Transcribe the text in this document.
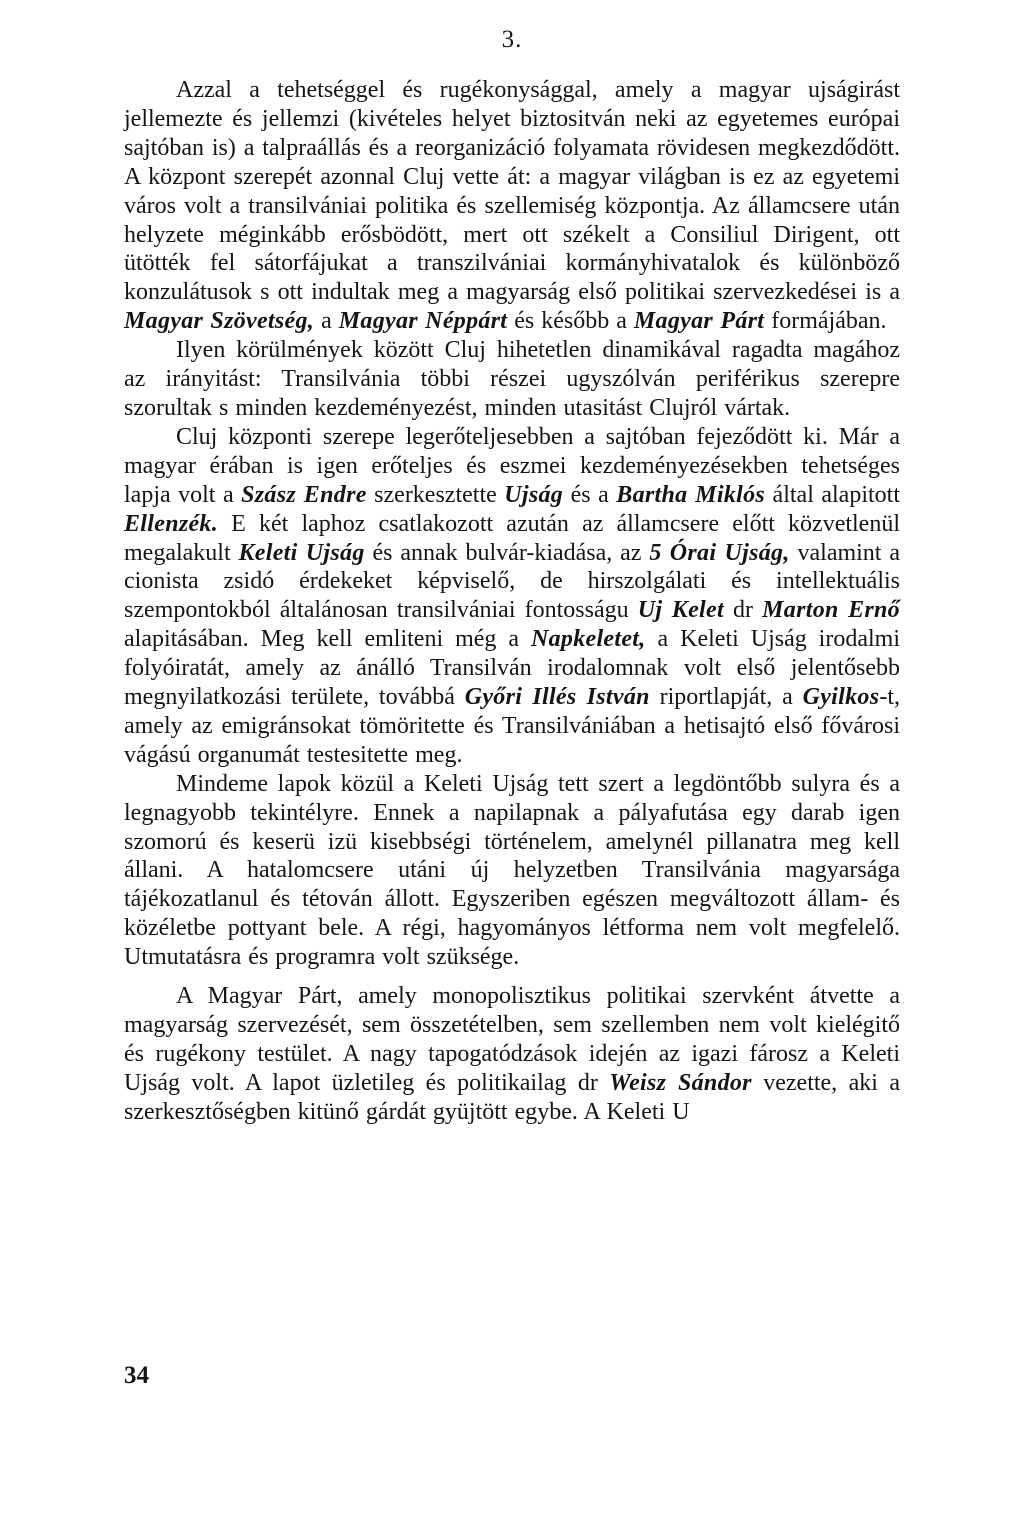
3.

Azzal a tehetséggel és rugékonysággal, amely a magyar ujságirást jellemezte és jellemzi (kivételes helyet biztositván neki az egyetemes európai sajtóban is) a talpraállás és a reorganizáció folyamata rövidesen megkezdődött. A központ szerepét azonnal Cluj vette át: a magyar világban is ez az egyetemi város volt a transilvániai politika és szellemiség központja. Az államcsere után helyzete méginkább erősbödött, mert ott székelt a Consiliul Dirigent, ott ütötték fel sátorfájukat a transzilvániai kormányhivatalok és különböző konzulátusok s ott indultak meg a magyarság első politikai szervezkedései is a Magyar Szövetség, a Magyar Néppárt és később a Magyar Párt formájában.

Ilyen körülmények között Cluj hihetetlen dinamikával ragadta magához az irányitást: Transilvánia többi részei ugyszólván periférikus szerepre szorultak s minden kezdeményezést, minden utasitást Clujról vártak.

Cluj központi szerepe legerőteljesebben a sajtóban fejeződött ki. Már a magyar érában is igen erőteljes és eszmei kezdeményezésekben tehetséges lapja volt a Szász Endre szerkesztette Ujság és a Bartha Miklós által alapitott Ellenzék. E két laphoz csatlakozott azután az államcsere előtt közvetlenül megalakult Keleti Ujság és annak bulvár-kiadása, az 5 Órai Ujság, valamint a cionista zsidó érdekeket képviselő, de hirszolgálati és intellektuális szempontokból általánosan transilvániai fontosságu Uj Kelet dr Marton Ernő alapitásában. Meg kell emliteni még a Napkeletet, a Keleti Ujság irodalmi folyóiratát, amely az ánálló Transilván irodalomnak volt első jelentősebb megnyilatkozási területe, továbbá Győri Illés István riportlapját, a Gyilkos-t, amely az emigránsokat tömöritette és Transilvániában a hetisajtó első fővárosi vágású organumát testesitette meg.

Mindeme lapok közül a Keleti Ujság tett szert a legdöntőbb sulyra és a legnagyobb tekintélyre. Ennek a napilapnak a pályafutása egy darab igen szomorú és keserü izü kisebbségi történelem, amelynél pillanatra meg kell állani. A hatalomcsere utáni új helyzetben Transilvánia magyarsága tájékozatlanul és tétován állott. Egyszeriben egészen megváltozott állam- és közéletbe pottyant bele. A régi, hagyományos létforma nem volt megfelelő. Utmutatásra és programra volt szüksége.

A Magyar Párt, amely monopolisztikus politikai szervként átvette a magyarság szervezését, sem összetételben, sem szellemben nem volt kielégitő és rugékony testület. A nagy tapogatódzások idején az igazi fárosz a Keleti Ujság volt. A lapot üzletileg és politikailag dr Weisz Sándor vezette, aki a szerkesztőségben kitünő gárdát gyüjtött egybe. A Keleti U

34
